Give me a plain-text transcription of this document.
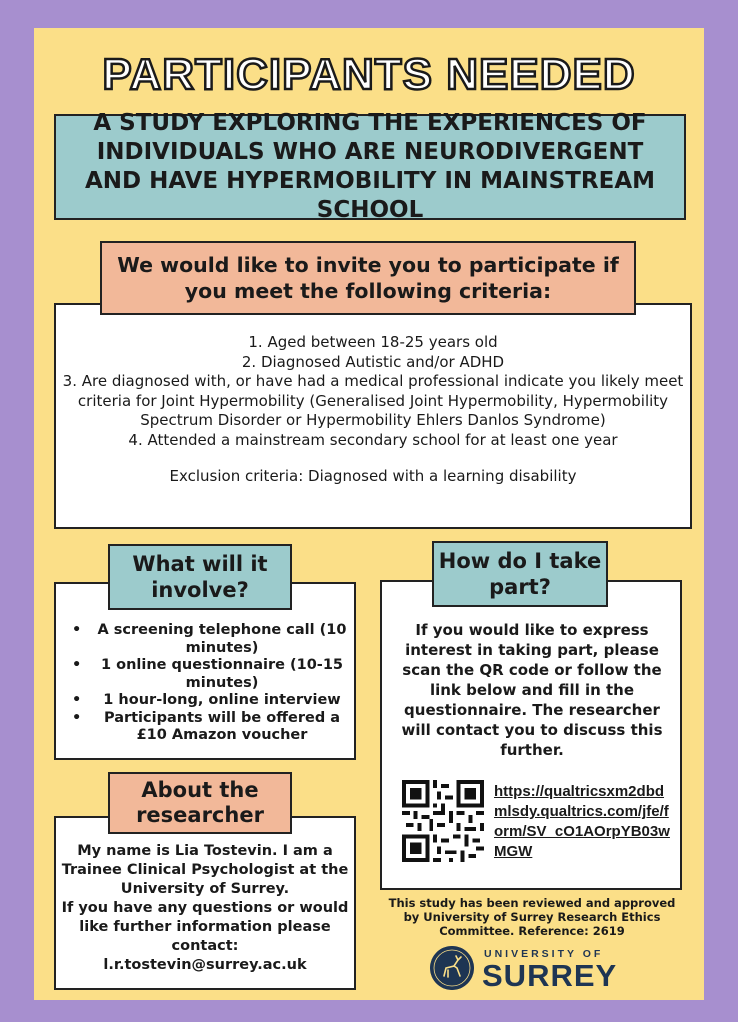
PARTICIPANTS NEEDED
A STUDY EXPLORING THE EXPERIENCES OF INDIVIDUALS WHO ARE NEURODIVERGENT AND HAVE HYPERMOBILITY IN MAINSTREAM SCHOOL
We would like to invite you to participate if you meet the following criteria:

1. Aged between 18-25 years old

2. Diagnosed Autistic and/or ADHD

3. Are diagnosed with, or have had a medical professional indicate you likely meet criteria for Joint Hypermobility (Generalised Joint Hypermobility, Hypermobility Spectrum Disorder or Hypermobility Ehlers Danlos Syndrome)

4. Attended a mainstream secondary school for at least one year

Exclusion criteria: Diagnosed with a learning disability

What will it involve?
• A screening telephone call (10 minutes)
• 1 online questionnaire (10-15 minutes)
• 1 hour-long, online interview
• Participants will be offered a £10 Amazon voucher
How do I take part?
If you would like to express interest in taking part, please scan the QR code or follow the link below and fill in the questionnaire. The researcher will contact you to discuss this further.
https://qualtricsxm2dbdmlsdy.qualtrics.com/jfe/form/SV_cO1AOrpYB03wMGW
About the researcher

My name is Lia Tostevin. I am a Trainee Clinical Psychologist at the University of Surrey.

If you have any questions or would like further information please contact:

l.r.tostevin@surrey.ac.uk

This study has been reviewed and approved by University of Surrey Research Ethics Committee. Reference: 2619
UNIVERSITY OF
SURREY
